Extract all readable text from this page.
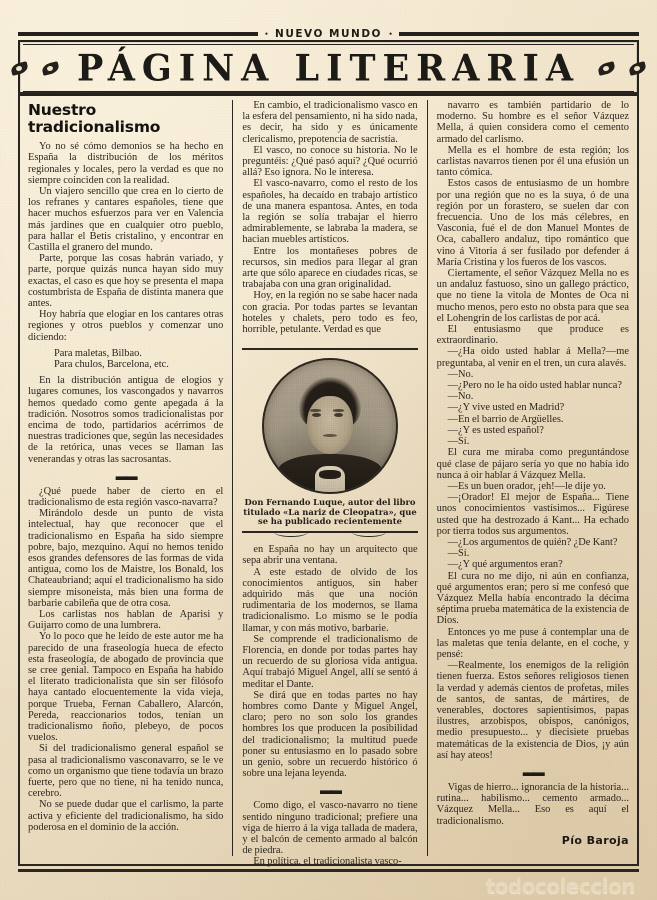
• NUEVO MUNDO •
PÁGINA LITERARIA
Nuestro tradicionalismo

Yo no sé cómo demonios se ha hecho en España la distribución de los méritos regionales y locales, pero la verdad es que no siempre coinciden con la realidad.

Un viajero sencillo que crea en lo cierto de los refranes y cantares españoles, tiene que hacer muchos esfuerzos para ver en Valencia más jardines que en cualquier otro pueblo, para hallar el Betis cristalino, y encontrar en Castilla el granero del mundo.

Parte, porque las cosas habrán variado, y parte, porque quizás nunca hayan sido muy exactas, el caso es que hoy se presenta el mapa costumbrista de España de distinta manera que antes.

Hoy habría que elogiar en los cantares otras regiones y otros pueblos y comenzar uno diciendo:

Para maletas, Bilbao.

Para chulos, Barcelona, etc.

En la distribución antigua de elogios y lugares comunes, los vascongados y navarros hemos quedado como gente apegada á la tradición. Nosotros somos tradicionalistas por encima de todo, partidarios acérrimos de nuestras tradiciones que, según las necesidades de la retórica, unas veces se llaman las venerandas y otras las sacrosantas.

▬▬

¿Qué puede haber de cierto en el tradicionalismo de esta región vasco-navarra?

Mirándolo desde un punto de vista intelectual, hay que reconocer que el tradicionalismo en España ha sido siempre pobre, bajo, mezquino. Aquí no hemos tenido esos grandes defensores de las formas de vida antigua, como los de Maistre, los Bonald, los Chateaubriand; aquí el tradicionalismo ha sido siempre misoneista, más bien una forma de barbarie cabileña que de otra cosa.

Los carlistas nos hablan de Aparisi y Guijarro como de una lumbrera.

Yo lo poco que he leído de este autor me ha parecido de una fraseología hueca de efecto esta fraseología, de abogado de provincia que se cree genial. Tampoco en España ha habido el literato tradicionalista que sin ser filósofo haya cantado elocuentemente la vida vieja, porque Trueba, Fernan Caballero, Alarcón, Pereda, reaccionarios todos, tenían un tradicionalismo ñoño, plebeyo, de pocos vuelos.

Si del tradicionalismo general español se pasa al tradicionalismo vasconavarro, se le ve como un organismo que tiene todavía un brazo fuerte, pero que no tiene, ni ha tenido nunca, cerebro.

No se puede dudar que el carlismo, la parte activa y eficiente del tradicionalismo, ha sido poderosa en el dominio de la acción.

En cambio, el tradicionalismo vasco en la esfera del pensamiento, ni ha sido nada, es decir, ha sido y es únicamente clericalismo, prepotencia de sacristía.

El vasco, no conoce su historia. No le preguntéis: ¿Qué pasó aquí? ¿Qué ocurrió allá? Eso ignora. No le interesa.

El vasco-navarro, como el resto de los españoles, ha decaído en trabajo artístico de una manera espantosa. Antes, en toda la región se solía trabajar el hierro admirablemente, se labraba la madera, se hacian muebles artísticos.

Entre los montañeses pobres de recursos, sin medios para llegar al gran arte que sólo aparece en ciudades ricas, se trabajaba con una gran originalidad.

Hoy, en la región no se sabe hacer nada con gracia. Por todas partes se levantan hoteles y chalets, pero todo es feo, horrible, petulante. Verdad es que

Don Fernando Luque, autor del libro titulado «La nariz de Cleopatra», que se ha publicado recientemente

en España no hay un arquitecto que sepa abrir una ventana.

A este estado de olvido de los conocimientos antiguos, sin haber adquirido más que una noción rudimentaria de los modernos, se llama tradicionalismo. Lo mismo se le podía llamar, y con más motivo, barbarie.

Se comprende el tradicionalismo de Florencia, en donde por todas partes hay un recuerdo de su gloriosa vida antigua. Aquí trabajó Miguel Angel, allí se sentó á meditar el Dante.

Se dirá que en todas partes no hay hombres como Dante y Miguel Angel, claro; pero no son solo los grandes hombres los que producen la posibilidad del tradicionalismo; la multitud puede poner su entusiasmo en lo pasado sobre un genio, sobre un recuerdo histórico ó sobre una lejana leyenda.

▬▬

Como digo, el vasco-navarro no tiene sentido ninguno tradicional; prefiere una viga de hierro á la viga tallada de madera, y el balcón de cemento armado al balcón de piedra.

En política, el tradicionalista vasco-

navarro es también partidario de lo moderno. Su hombre es el señor Vázquez Mella, á quien considera como el cemento armado del carlismo.

Mella es el hombre de esta región; los carlistas navarros tienen por él una efusión un tanto cómica.

Estos casos de entusiasmo de un hombre por una región que no es la suya, ó de una región por un forastero, se suelen dar con frecuencia. Uno de los más célebres, en Vasconia, fué el de don Manuel Montes de Oca, caballero andaluz, tipo romántico que vino á Vitoria á ser fusilado por defender á María Cristina y los fueros de los vascos.

Ciertamente, el señor Vázquez Mella no es un andaluz fastuoso, sino un gallego práctico, que no tiene la vitola de Montes de Oca ni mucho menos, pero esto no obsta para que sea el Lohengrin de los carlistas de por acá.

El entusiasmo que produce es extraordinario.

—¿Ha oido usted hablar á Mella?—me preguntaba, al venir en el tren, un cura alavés.

—No.

—¿Pero no le ha oído usted hablar nunca?

—No.

—¿Y vive usted en Madrid?

—En el barrio de Argüelles.

—¿Y es usted español?

—Sí.

El cura me miraba como preguntándose qué clase de pájaro sería yo que no había ido nunca á oir hablar á Vázquez Mella.

—Es un buen orador, ¡eh!—le dije yo.

—¡Orador! El mejor de España... Tiene unos conocimientos vastísimos... Figúrese usted que ha destrozado á Kant... Ha echado por tierra todos sus argumentos.

—¿Los argumentos de quién? ¿De Kant?

—Sí.

—¿Y qué argumentos eran?

El cura no me dijo, ni aún en confianza, qué argumentos eran; pero sí me confesó que Vázquez Mella había encontrado la décima séptima prueba matemática de la existencia de Dios.

Entonces yo me puse á contemplar una de las maletas que tenía delante, en el coche, y pensé:

—Realmente, los enemigos de la religión tienen fuerza. Estos señores religiosos tienen la verdad y además cientos de profetas, miles de santos, de santas, de mártires, de venerables, doctores sapientísimos, papas ilustres, arzobispos, obispos, canónigos, medio presupuesto... y diecisiete pruebas matemáticas de la existencia de Dios, ¡y aún así hay ateos!

▬▬

Vigas de hierro... ignorancia de la historia... rutina... habilismo... cemento armado... Vázquez Mella... Eso es aquí el tradicionalismo.

Pío Baroja
todocoleccion
